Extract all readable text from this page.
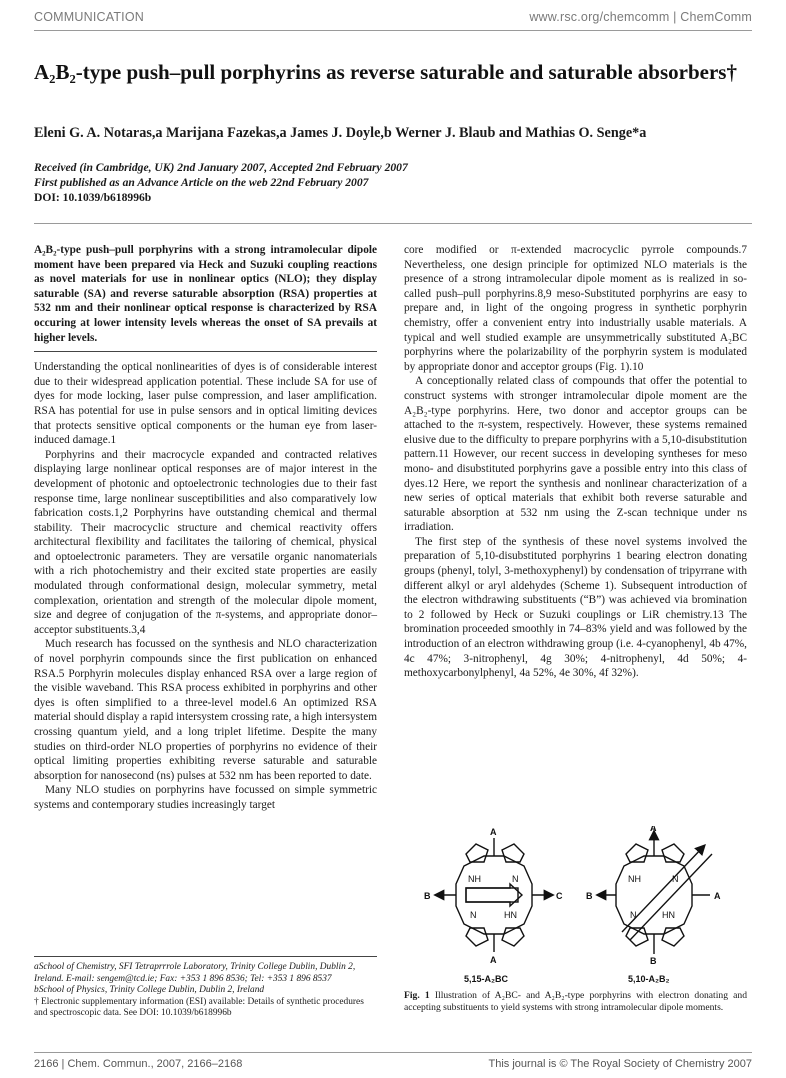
COMMUNICATION	www.rsc.org/chemcomm | ChemComm
A₂B₂-type push–pull porphyrins as reverse saturable and saturable absorbers†
Eleni G. A. Notaras,a Marijana Fazekas,a James J. Doyle,b Werner J. Blaub and Mathias O. Senge*a
Received (in Cambridge, UK) 2nd January 2007, Accepted 2nd February 2007
First published as an Advance Article on the web 22nd February 2007
DOI: 10.1039/b618996b

A₂B₂-type push–pull porphyrins with a strong intramolecular dipole moment have been prepared via Heck and Suzuki coupling reactions as novel materials for use in nonlinear optics (NLO); they display saturable (SA) and reverse saturable absorption (RSA) properties at 532 nm and their nonlinear optical response is characterized by RSA occuring at lower intensity levels whereas the onset of SA prevails at higher levels.

Understanding the optical nonlinearities of dyes is of considerable interest due to their widespread application potential. These include SA for use of dyes for mode locking, laser pulse compression, and laser amplification. RSA has potential for use in pulse sensors and in optical limiting devices that protects sensitive optical components or the human eye from laser-induced damage.1

Porphyrins and their macrocycle expanded and contracted relatives displaying large nonlinear optical responses are of major interest in the development of photonic and optoelectronic technologies due to their fast response time, large nonlinear susceptibilities and also comparatively low fabrication costs.1,2 Porphyrins have outstanding chemical and thermal stability. Their macrocyclic structure and chemical reactivity offers architectural flexibility and facilitates the tailoring of chemical, physical and optoelectronic parameters. They are versatile organic nanomaterials with a rich photochemistry and their excited state properties are easily modulated through conformational design, molecular symmetry, metal complexation, orientation and strength of the molecular dipole moment, size and degree of conjugation of the π-systems, and appropriate donor–acceptor substituents.3,4

Much research has focussed on the synthesis and NLO characterization of novel porphyrin compounds since the first publication on enhanced RSA.5 Porphyrin molecules display enhanced RSA over a large region of the visible waveband. This RSA process exhibited in porphyrins and other dyes is often simplified to a three-level model.6 An optimized RSA material should display a rapid intersystem crossing rate, a high intersystem crossing quantum yield, and a long triplet lifetime. Despite the many studies on third-order NLO properties of porphyrins no evidence of their optical limiting properties exhibiting reverse saturable and saturable absorption for nanosecond (ns) pulses at 532 nm has been reported to date.

Many NLO studies on porphyrins have focussed on simple symmetric systems and contemporary studies increasingly target

core modified or π-extended macrocyclic pyrrole compounds.7 Nevertheless, one design principle for optimized NLO materials is the presence of a strong intramolecular dipole moment as is realized in so-called push–pull porphyrins.8,9 meso-Substituted porphyrins are easy to prepare and, in light of the ongoing progress in synthetic porphyrin chemistry, offer a convenient entry into industrially usable materials. A typical and well studied example are unsymmetrically substituted A₂BC porphyrins where the polarizability of the porphyrin system is modulated by appropriate donor and acceptor groups (Fig. 1).10

A conceptionally related class of compounds that offer the potential to construct systems with stronger intramolecular dipole moment are the A₂B₂-type porphyrins. Here, two donor and acceptor groups can be attached to the π-system, respectively. However, these systems remained elusive due to the difficulty to prepare porphyrins with a 5,10-disubstitution pattern.11 However, our recent success in developing syntheses for meso mono- and disubstituted porphyrins gave a possible entry into this class of dyes.12 Here, we report the synthesis and nonlinear characterization of a new series of optical materials that exhibit both reverse saturable and saturable absorption at 532 nm using the Z-scan technique under ns irradiation.

The first step of the synthesis of these novel systems involved the preparation of 5,10-disubstituted porphyrins 1 bearing electron donating groups (phenyl, tolyl, 3-methoxyphenyl) by condensation of tripyrrane with different alkyl or aryl aldehydes (Scheme 1). Subsequent introduction of the electron withdrawing substituents (“B”) was achieved via bromination to 2 followed by Heck or Suzuki couplings or LiR chemistry.13 The bromination proceeded smoothly in 74–83% yield and was followed by the introduction of an electron withdrawing group (i.e. 4-cyanophenyl, 4b 47%, 4c 47%; 3-nitrophenyl, 4g 30%; 4-nitrophenyl, 4d 50%; 4-methoxycarbonylphenyl, 4a 52%, 4e 30%, 4f 32%).

A
A
B	C
NH	N
N	HN
5,15-A₂BC
A
B
B	A
NH	N
N	HN
5,10-A₂B₂
Fig. 1 Illustration of A₂BC- and A₂B₂-type porphyrins with electron donating and accepting substituents to yield systems with strong intramolecular dipole moments.
aSchool of Chemistry, SFI Tetraprrrole Laboratory, Trinity College Dublin, Dublin 2, Ireland. E-mail: sengem@tcd.ie; Fax: +353 1 896 8536; Tel: +353 1 896 8537
bSchool of Physics, Trinity College Dublin, Dublin 2, Ireland
† Electronic supplementary information (ESI) available: Details of synthetic procedures and spectroscopic data. See DOI: 10.1039/b618996b
2166 | Chem. Commun., 2007, 2166–2168	This journal is © The Royal Society of Chemistry 2007
